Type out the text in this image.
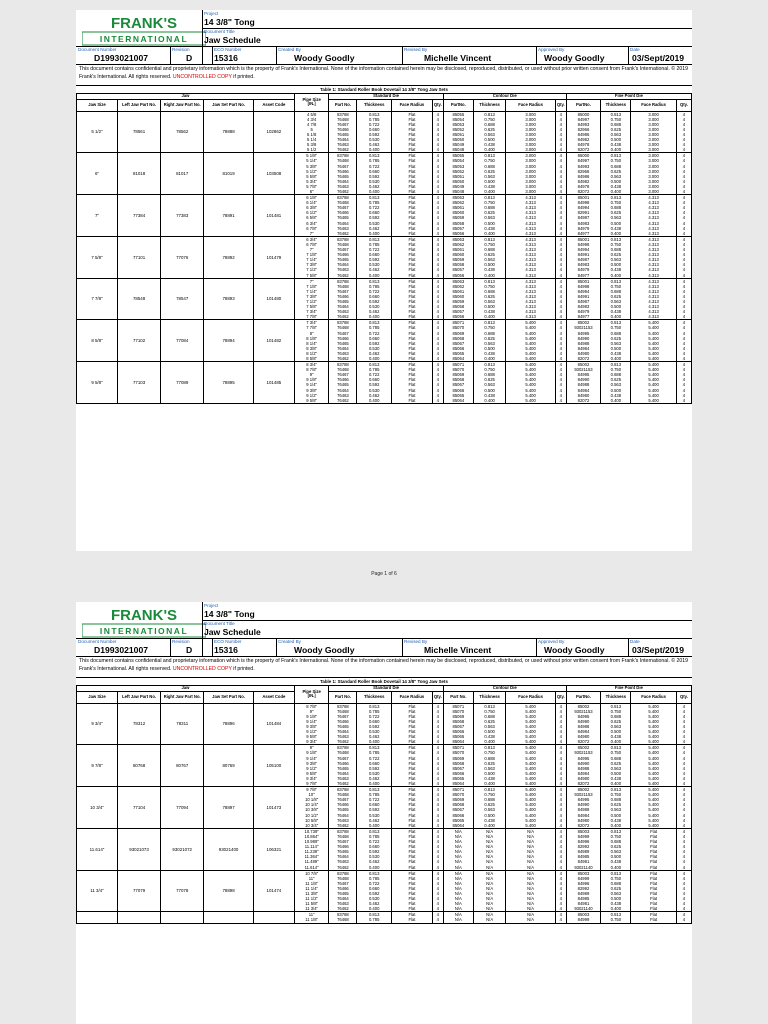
FRANK'S
INTERNATIONAL
Project
14 3/8" Tong
Document Title
Jaw Schedule
Document Number
D1993021007
Revision
D
ECO Number
15316
Created By
Woody Goodly
Revised By
Michelle Vincent
Approved By
Woody Goodly
Date
03/Sept/2019
This document contains confidential and proprietary information which is the property of Frank's International. None of the information contained herein may be disclosed, reproduced, distributed, or used without prior written consent from Frank's International. © 2019 Frank's International. All rights reserved. UNCONTROLLED COPY if printed.
Table 1: Standard Roller Book Dovetail 14 3/8" Tong Jaw Sets
Jaw					Pipe Size
[IN.]	Standard Die				Contour Die				Fine Point Die			
Jaw Size	Left Jaw Part No.	Right Jaw Part No.	Jaw Set Part No.	Asset Code		Part No.	Thickness	Face Radius	Qty.	PartNo.	Thickness	Face Radius	Qty.	PartNo.	Thickness	Face Radius	Qty.
5 1/2"	78561	78562	78888	102862	4 5/8	83788	0.813	Flat	4	85055	0.813	3.000	4	85000	0.813	3.000	4
					4 3/4	76468	0.785	Flat	4	85054	0.750	3.000	4	84997	0.750	3.000	4
					4 7/8	76467	0.722	Flat	4	85053	0.688	3.000	4	84993	0.688	3.000	4
					5	76466	0.660	Flat	4	85052	0.625	3.000	4	82966	0.625	3.000	4
					5 1/8	76465	0.592	Flat	4	85051	0.563	3.000	4	84986	0.563	3.000	4
					5 1/4	76464	0.530	Flat	4	85050	0.500	3.000	4	84982	0.500	3.000	4
					5 3/8	76463	0.462	Flat	4	85049	0.438	3.000	4	84978	0.438	3.000	4
					5 1/2	76462	0.400	Flat	4	85048	0.400	3.000	4	82072	0.400	3.000	4
6"	81018	81017	81019	103508	5 1/8"	83788	0.813	Flat	4	85055	0.813	3.000	4	85000	0.813	3.000	4
					5 1/4"	76468	0.785	Flat	4	85054	0.750	3.000	4	84997	0.750	3.000	4
					5 3/8"	76467	0.722	Flat	4	85053	0.688	3.000	4	84993	0.688	3.000	4
					5 1/2"	76466	0.660	Flat	4	85052	0.625	3.000	4	82966	0.625	3.000	4
					5 5/8"	76465	0.592	Flat	4	85051	0.563	3.000	4	84986	0.563	3.000	4
					5 3/4"	76464	0.530	Flat	4	85050	0.500	3.000	4	84982	0.500	3.000	4
					5 7/8"	76463	0.462	Flat	4	85049	0.438	3.000	4	84978	0.438	3.000	4
					6"	76462	0.400	Flat	4	85048	0.400	3.000	4	82072	0.400	3.000	4
7"	77384	77383	78891	101481	6 1/8"	83788	0.813	Flat	4	85063	0.813	4.313	4	85001	0.813	4.313	4
					6 1/4"	76468	0.785	Flat	4	85062	0.750	4.313	4	84998	0.750	4.313	4
					6 3/8"	76467	0.722	Flat	4	85061	0.688	4.313	4	84994	0.688	4.313	4
					6 1/2"	76466	0.660	Flat	4	85060	0.625	4.313	4	82991	0.625	4.313	4
					6 5/8"	76465	0.592	Flat	4	85059	0.563	4.313	4	84987	0.563	4.313	4
					6 3/4"	76464	0.530	Flat	4	85058	0.500	4.313	4	84983	0.500	4.313	4
					6 7/8"	76463	0.462	Flat	4	85057	0.438	4.313	4	84979	0.438	4.313	4
					7"	76462	0.400	Flat	4	85056	0.400	4.313	4	84977	0.400	4.313	4
7 5/8"	77101	77076	78892	101479	6 3/4"	83788	0.813	Flat	4	85063	0.813	4.313	4	85001	0.813	4.313	4
					6 7/8"	76468	0.785	Flat	4	85062	0.750	4.313	4	84998	0.750	4.313	4
					7"	76467	0.722	Flat	4	85061	0.688	4.313	4	84994	0.688	4.313	4
					7 1/8"	76466	0.660	Flat	4	85060	0.625	4.313	4	84991	0.625	4.313	4
					7 1/4"	76465	0.592	Flat	4	85059	0.563	4.313	4	84987	0.563	4.313	4
					7 3/8"	76464	0.530	Flat	4	85058	0.500	4.313	4	84983	0.500	4.313	4
					7 1/2"	76463	0.462	Flat	4	85057	0.438	4.313	4	84979	0.438	4.313	4
					7 5/8"	76462	0.400	Flat	4	85056	0.400	4.313	4	84977	0.400	4.313	4
7 7/8"	78548	78547	78893	101480	7"	83788	0.813	Flat	4	85063	0.813	4.313	4	85001	0.813	4.313	4
					7 1/8"	76468	0.785	Flat	4	85062	0.750	4.313	4	84998	0.750	4.313	4
					7 1/4"	76467	0.722	Flat	4	85061	0.688	4.313	4	84994	0.688	4.313	4
					7 3/8"	76466	0.660	Flat	4	85060	0.625	4.313	4	84991	0.625	4.313	4
					7 1/2"	76465	0.592	Flat	4	85059	0.563	4.313	4	84987	0.563	4.313	4
					7 5/8"	76464	0.530	Flat	4	85058	0.500	4.313	4	84983	0.500	4.313	4
					7 3/4"	76463	0.462	Flat	4	85057	0.438	4.313	4	84979	0.438	4.313	4
					7 7/8"	76462	0.400	Flat	4	85056	0.400	4.313	4	84977	0.400	4.313	4
8 5/8"	77102	77084	78894	101482	7 3/4"	83788	0.813	Flat	4	85071	0.813	5.400	4	85002	0.813	5.400	4
					7 7/8"	76468	0.785	Flat	4	85070	0.750	5.400	4	93021153	0.750	5.400	4
					8"	76467	0.722	Flat	4	85069	0.688	5.400	4	84995	0.688	5.400	4
					8 1/8"	76466	0.660	Flat	4	85068	0.625	5.400	4	84990	0.625	5.400	4
					8 1/4"	76465	0.592	Flat	4	85067	0.563	5.400	4	84988	0.563	5.400	4
					8 3/8"	76464	0.530	Flat	4	85066	0.500	5.400	4	84984	0.500	5.400	4
					8 1/2"	76463	0.462	Flat	4	85065	0.438	5.400	4	84980	0.438	5.400	4
					8 5/8"	76462	0.400	Flat	4	85064	0.400	5.400	4	82072	0.400	5.400	4
9 5/8"	77103	77089	78895	101485	8 3/4"	83788	0.813	Flat	4	85071	0.813	5.400	4	85002	0.813	5.400	4
					8 7/8"	76468	0.785	Flat	4	85070	0.750	5.400	4	93021153	0.750	5.400	4
					9"	76467	0.722	Flat	4	85069	0.688	5.400	4	84995	0.688	5.400	4
					9 1/8"	76466	0.660	Flat	4	85068	0.625	5.400	4	84990	0.625	5.400	4
					9 1/4"	76465	0.592	Flat	4	85067	0.563	5.400	4	84988	0.563	5.400	4
					9 3/8"	76464	0.530	Flat	4	85066	0.500	5.400	4	84984	0.500	5.400	4
					9 1/2"	76463	0.462	Flat	4	85065	0.438	5.400	4	84980	0.438	5.400	4
					9 5/8"	76462	0.400	Flat	4	85064	0.400	5.400	4	82072	0.400	5.400	4
Page 1 of 6
FRANK'S
INTERNATIONAL
Project
14 3/8" Tong
Document Title
Jaw Schedule
Document Number
D1993021007
Revision
D
ECO Number
15316
Created By
Woody Goodly
Revised By
Michelle Vincent
Approved By
Woody Goodly
Date
03/Sept/2019
This document contains confidential and proprietary information which is the property of Frank's International. None of the information contained herein may be disclosed, reproduced, distributed, or used without prior written consent from Frank's International. © 2019 Frank's International. All rights reserved. UNCONTROLLED COPY if printed.
Table 1: Standard Roller Book Dovetail 14 3/8" Tong Jaw Sets
Jaw					Pipe Size
[IN.]	Standard Die				Contour Die				Fine Point Die			
Jaw Size	Left Jaw Part No.	Right Jaw Part No.	Jaw Set Part No.	Asset Code		Part No.	Thickness	Face Radius	Qty.	Part No.	Thickness	Face Radius	Qty.	PartNo.	Thickness	Face Radius	Qty.
9 3/4"	78312	78311	78896	101484	8 7/8"	83788	0.813	Flat	4	85071	0.813	5.400	4	85002	0.813	5.400	4
					9"	76468	0.785	Flat	4	85070	0.750	5.400	4	93021153	0.750	5.400	4
					9 1/8"	76467	0.722	Flat	4	85069	0.688	5.400	4	84995	0.688	5.400	4
					9 1/4"	76466	0.660	Flat	4	85068	0.625	5.400	4	84990	0.625	5.400	4
					9 3/8"	76465	0.592	Flat	4	85067	0.563	5.400	4	84988	0.563	5.400	4
					9 1/2"	76464	0.530	Flat	4	85066	0.500	5.400	4	84984	0.500	5.400	4
					9 5/8"	76463	0.462	Flat	4	85065	0.438	5.400	4	84980	0.438	5.400	4
					9 3/4"	76462	0.400	Flat	4	85064	0.400	5.400	4	82072	0.400	5.400	4
9 7/8"	80768	80767	80769	105100	9"	83788	0.813	Flat	4	85071	0.813	5.400	4	85002	0.813	5.400	4
					9 1/8"	76468	0.785	Flat	4	85070	0.750	5.400	4	93021153	0.750	5.400	4
					9 1/4"	76467	0.722	Flat	4	85069	0.688	5.400	4	84995	0.688	5.400	4
					9 3/8"	76466	0.660	Flat	4	85068	0.625	5.400	4	84990	0.625	5.400	4
					9 1/2"	76465	0.592	Flat	4	85067	0.563	5.400	4	84988	0.563	5.400	4
					9 5/8"	76464	0.530	Flat	4	85066	0.500	5.400	4	84984	0.500	5.400	4
					9 3/4"	76463	0.462	Flat	4	85065	0.438	5.400	4	84980	0.438	5.400	4
					9 7/8"	76462	0.400	Flat	4	85064	0.400	5.400	4	82072	0.400	5.400	4
10 3/4"	77104	77094	78897	101473	9 7/8"	83788	0.813	Flat	4	85071	0.813	5.400	4	85002	0.813	5.400	4
					10"	76468	0.785	Flat	4	85070	0.750	5.400	4	93021153	0.750	5.400	4
					10 1/8"	76467	0.722	Flat	4	85069	0.688	5.400	4	84995	0.688	5.400	4
					10 1/4"	76466	0.660	Flat	4	85068	0.625	5.400	4	84990	0.625	5.400	4
					10 3/8"	76465	0.592	Flat	4	85067	0.563	5.400	4	84988	0.563	5.400	4
					10 1/2"	76464	0.530	Flat	4	85066	0.500	5.400	4	84984	0.500	5.400	4
					10 5/8"	76463	0.462	Flat	4	85065	0.438	5.400	4	84980	0.438	5.400	4
					10 3/4"	76462	0.400	Flat	4	85064	0.400	5.400	4	82072	0.400	5.400	4
11.614"	93021073	93021072	93021400	106321	10.739"	83788	0.813	Flat	4	N/A	N/A	N/A	4	85003	0.813	Flat	4
					10.864"	76468	0.785	Flat	4	N/A	N/A	N/A	4	84999	0.750	Flat	4
					10.989"	76467	0.722	Flat	4	N/A	N/A	N/A	4	84996	0.688	Flat	4
					11.114"	76466	0.660	Flat	4	N/A	N/A	N/A	4	82992	0.625	Flat	4
					11.239"	76465	0.592	Flat	4	N/A	N/A	N/A	4	84989	0.563	Flat	4
					11.364"	76464	0.530	Flat	4	N/A	N/A	N/A	4	84985	0.500	Flat	4
					11.489"	76463	0.462	Flat	4	N/A	N/A	N/A	4	84981	0.438	Flat	4
					11.614"	76462	0.400	Flat	4	N/A	N/A	N/A	4	93021140	0.400	Flat	4
11 3/4"	77079	77078	78898	101474	10 7/8"	83788	0.813	Flat	4	N/A	N/A	N/A	4	85003	0.813	Flat	4
					11"	76468	0.785	Flat	4	N/A	N/A	N/A	4	84999	0.750	Flat	4
					11 1/8"	76467	0.722	Flat	4	N/A	N/A	N/A	4	84996	0.688	Flat	4
					11 1/4"	76466	0.660	Flat	4	N/A	N/A	N/A	4	82992	0.625	Flat	4
					11 3/8"	76465	0.592	Flat	4	N/A	N/A	N/A	4	84989	0.563	Flat	4
					11 1/2"	76464	0.530	Flat	4	N/A	N/A	N/A	4	84985	0.500	Flat	4
					11 5/8"	76463	0.462	Flat	4	N/A	N/A	N/A	4	84981	0.438	Flat	4
					11 3/4"	76462	0.400	Flat	4	N/A	N/A	N/A	4	93021140	0.400	Flat	4
					11"	83788	0.813	Flat	4	N/A	N/A	N/A	4	85003	0.813	Flat	4
					11 1/8"	76468	0.785	Flat	4	N/A	N/A	N/A	4	84999	0.750	Flat	4
